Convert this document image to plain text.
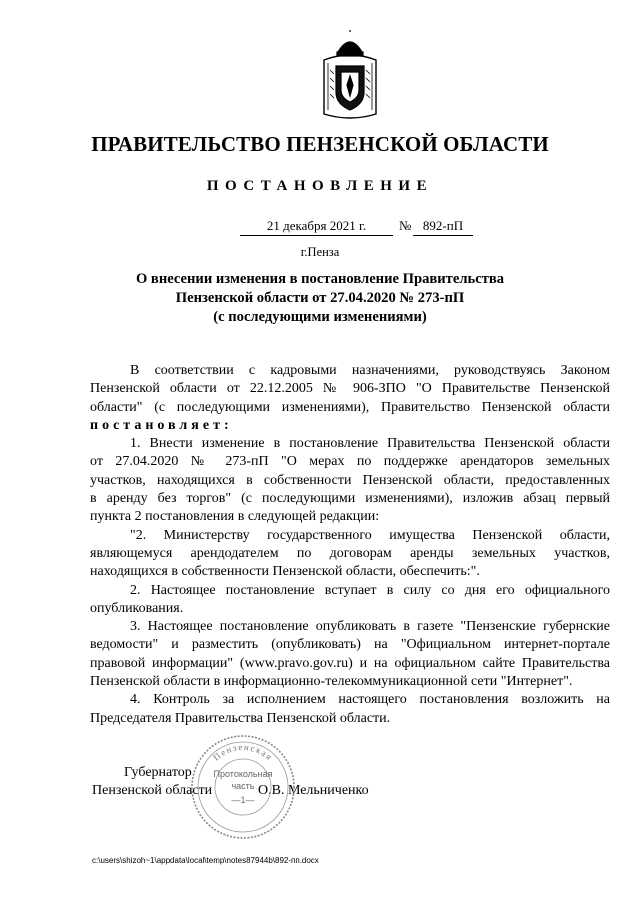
ПРАВИТЕЛЬСТВО ПЕНЗЕНСКОЙ ОБЛАСТИ
ПОСТАНОВЛЕНИЕ
21 декабря 2021 г.	№ 892-пП
г.Пенза
О внесении изменения в постановление Правительства
Пензенской области от 27.04.2020 № 273-пП
(с последующими изменениями)
В соответствии с кадровыми назначениями, руководствуясь Законом
Пензенской области от 22.12.2005 № 906-ЗПО "О Правительстве Пензенской
области" (с последующими изменениями), Правительство Пензенской области
постановляет:
1. Внести изменение в постановление Правительства Пензенской области
от 27.04.2020 № 273-пП "О мерах по поддержке арендаторов земельных
участков, находящихся в собственности Пензенской области, предоставленных
в аренду без торгов" (с последующими изменениями), изложив абзац первый
пункта 2 постановления в следующей редакции:
"2. Министерству государственного имущества Пензенской области,
являющемуся арендодателем по договорам аренды земельных участков,
находящихся в собственности Пензенской области, обеспечить:".
2. Настоящее постановление вступает в силу со дня его официального
опубликования.
3. Настоящее постановление опубликовать в газете "Пензенские губернские
ведомости" и разместить (опубликовать) на "Официальном интернет-портале
правовой информации" (www.pravo.gov.ru) и на официальном сайте Правительства
Пензенской области в информационно-телекоммуникационной сети "Интернет".
4. Контроль за исполнением настоящего постановления возложить на
Председателя Правительства Пензенской области.
Губернатор
Пензенской области	О.В. Мельниченко
Пензенская
Протокольная
часть
—1—
c:\users\shizoh~1\appdata\local\temp\notes87944b\892-пп.docx
